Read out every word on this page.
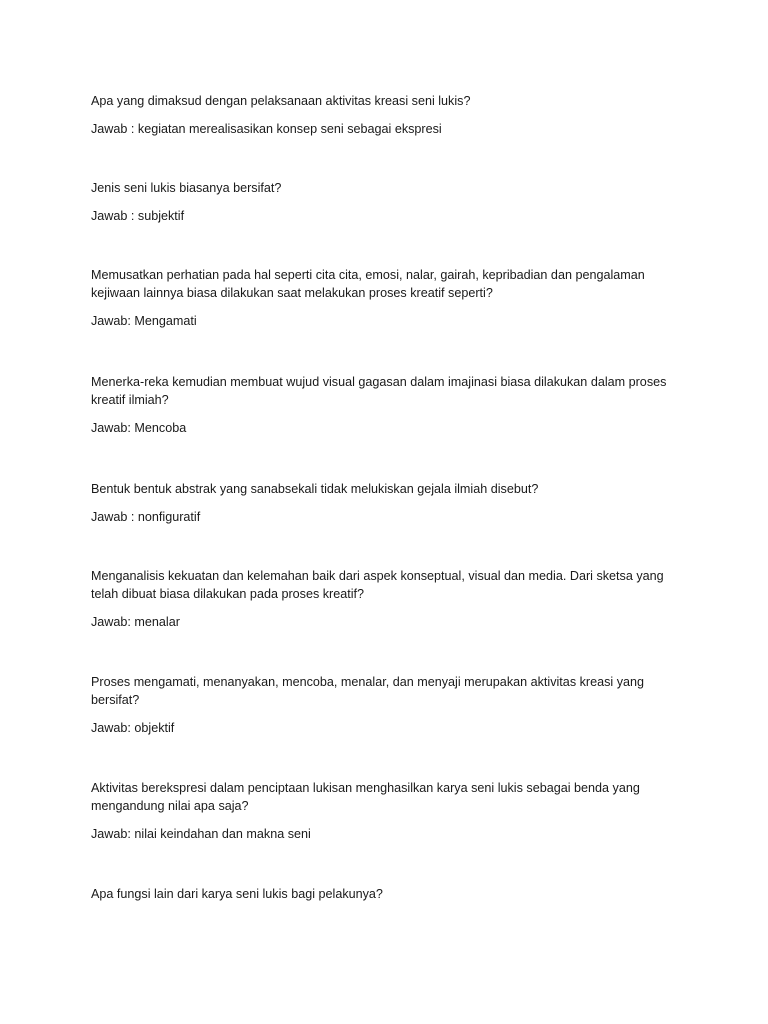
Apa yang dimaksud dengan pelaksanaan aktivitas kreasi seni lukis?

Jawab : kegiatan merealisasikan konsep seni sebagai ekspresi

Jenis seni lukis biasanya bersifat?

Jawab : subjektif

Memusatkan perhatian pada hal seperti cita cita, emosi, nalar, gairah, kepribadian dan pengalaman kejiwaan lainnya biasa dilakukan saat melakukan proses kreatif seperti?

Jawab: Mengamati

Menerka-reka kemudian membuat wujud visual gagasan dalam imajinasi biasa dilakukan dalam proses kreatif ilmiah?

Jawab: Mencoba

Bentuk bentuk abstrak yang sanabsekali tidak melukiskan gejala ilmiah disebut?

Jawab : nonfiguratif

Menganalisis kekuatan dan kelemahan baik dari aspek konseptual, visual dan media. Dari sketsa yang telah dibuat biasa dilakukan pada proses kreatif?

Jawab: menalar

Proses mengamati, menanyakan, mencoba, menalar, dan menyaji merupakan aktivitas kreasi yang bersifat?

Jawab: objektif

Aktivitas berekspresi dalam penciptaan lukisan menghasilkan karya seni lukis sebagai benda yang mengandung nilai apa saja?

Jawab: nilai keindahan dan makna seni

Apa fungsi lain dari karya seni lukis bagi pelakunya?
